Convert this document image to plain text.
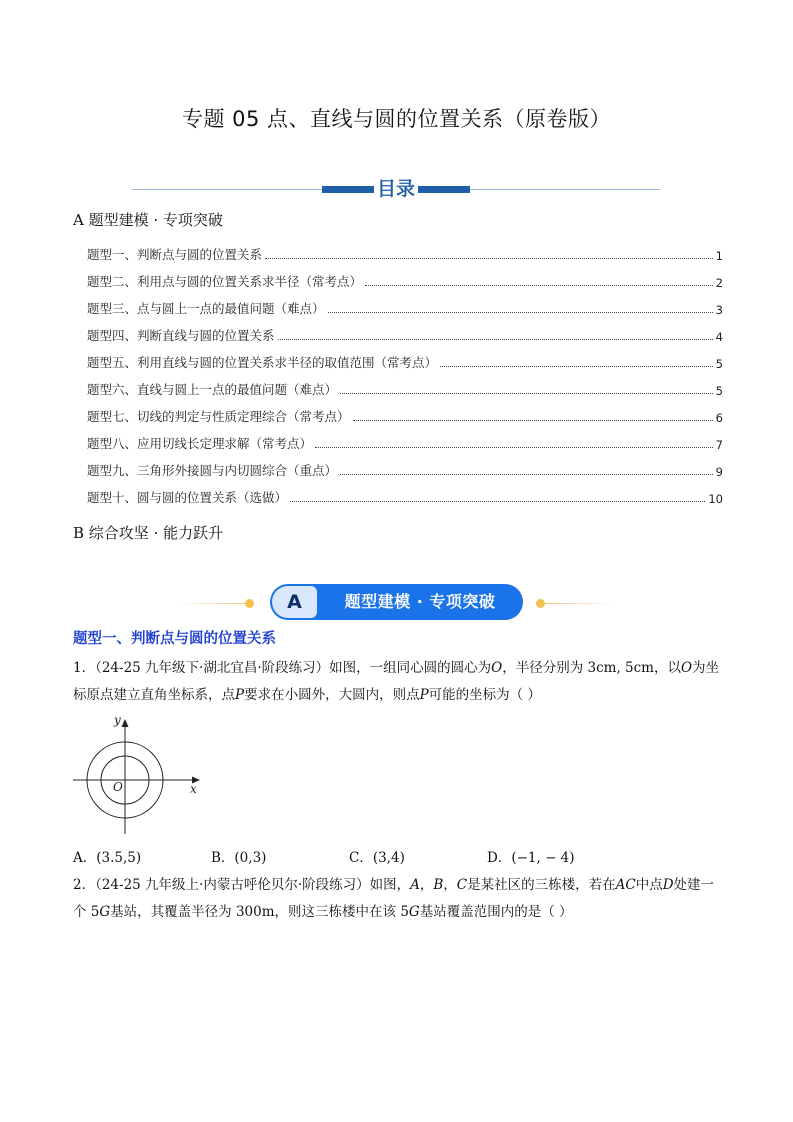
专题 05 点、直线与圆的位置关系（原卷版）
目录
A 题型建模 · 专项突破
题型一、判断点与圆的位置关系	1
题型二、利用点与圆的位置关系求半径（常考点）	2
题型三、点与圆上一点的最值问题（难点）	3
题型四、判断直线与圆的位置关系	4
题型五、利用直线与圆的位置关系求半径的取值范围（常考点）	5
题型六、直线与圆上一点的最值问题（难点）	5
题型七、切线的判定与性质定理综合（常考点）	6
题型八、应用切线长定理求解（常考点）	7
题型九、三角形外接圆与内切圆综合（重点）	9
题型十、圆与圆的位置关系（选做）	10
B 综合攻坚 · 能力跃升
A	题型建模 · 专项突破
题型一、判断点与圆的位置关系
1．（24-25 九年级下·湖北宜昌·阶段练习）如图，一组同心圆的圆心为𝑂，半径分别为 3cm, 5cm，以𝑂为坐
标原点建立直角坐标系，点𝑃要求在小圆外，大圆内，则点𝑃可能的坐标为（ ）
y
x
O
A．(3.5,5)	B．(0,3)	C．(3,4)	D．(−1, − 4)
2．（24-25 九年级上·内蒙古呼伦贝尔·阶段练习）如图，𝐴，𝐵，𝐶是某社区的三栋楼，若在𝐴𝐶中点𝐷处建一
个 5𝐺基站，其覆盖半径为 300m，则这三栋楼中在该 5𝐺基站覆盖范围内的是（ ）
